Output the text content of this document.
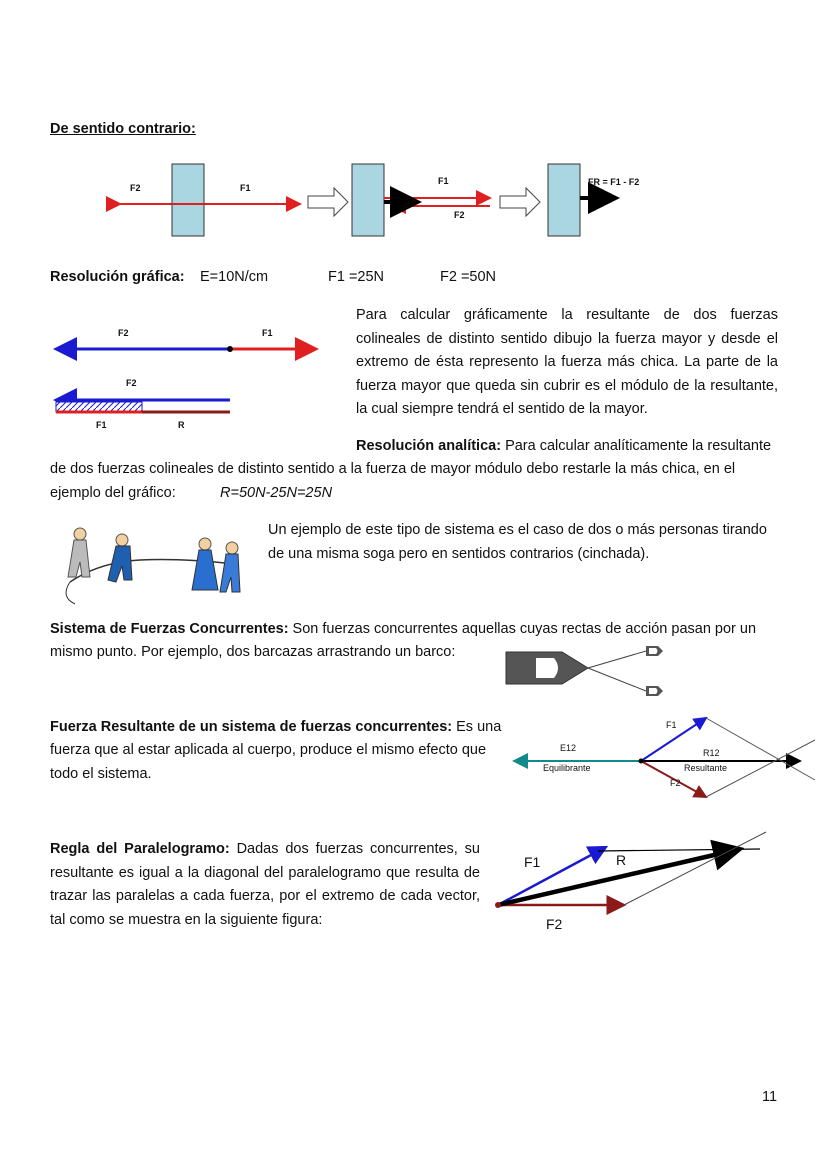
De sentido contrario:
F2	F1
F1
F2
FR = F1 - F2
Resolución gráfica: E=10N/cm	F1 =25N	F2 =50N
F2	F1
F2
F1	R
Para calcular gráficamente la resultante de dos fuerzas colineales de distinto sentido dibujo la fuerza mayor y desde el extremo de ésta represento la fuerza más chica. La parte de la fuerza mayor que queda sin cubrir es el módulo de la resultante, la cual siempre tendrá el sentido de la mayor.
Resolución analítica: Para calcular analíticamente la resultante
de dos fuerzas colineales de distinto sentido a la fuerza de mayor módulo debo restarle la más chica, en el
ejemplo del gráfico:	R=50N-25N=25N
Un ejemplo de este tipo de sistema es el caso de dos o más personas tirando de una misma soga pero en sentidos contrarios (cinchada).
Sistema de Fuerzas Concurrentes: Son fuerzas concurrentes aquellas cuyas rectas de acción pasan por un
mismo punto. Por ejemplo, dos barcazas arrastrando un barco:
Fuerza Resultante de un sistema de fuerzas concurrentes: Es una
fuerza que al estar aplicada al cuerpo, produce el mismo efecto que
todo el sistema.
E12
Equilibrante
R12
Resultante
F1
F2
Regla del Paralelogramo: Dadas dos fuerzas concurrentes, su resultante es igual a la diagonal del paralelogramo que resulta de trazar las paralelas a cada fuerza, por el extremo de cada vector, tal como se muestra en la siguiente figura:
F1	R
F2
11
